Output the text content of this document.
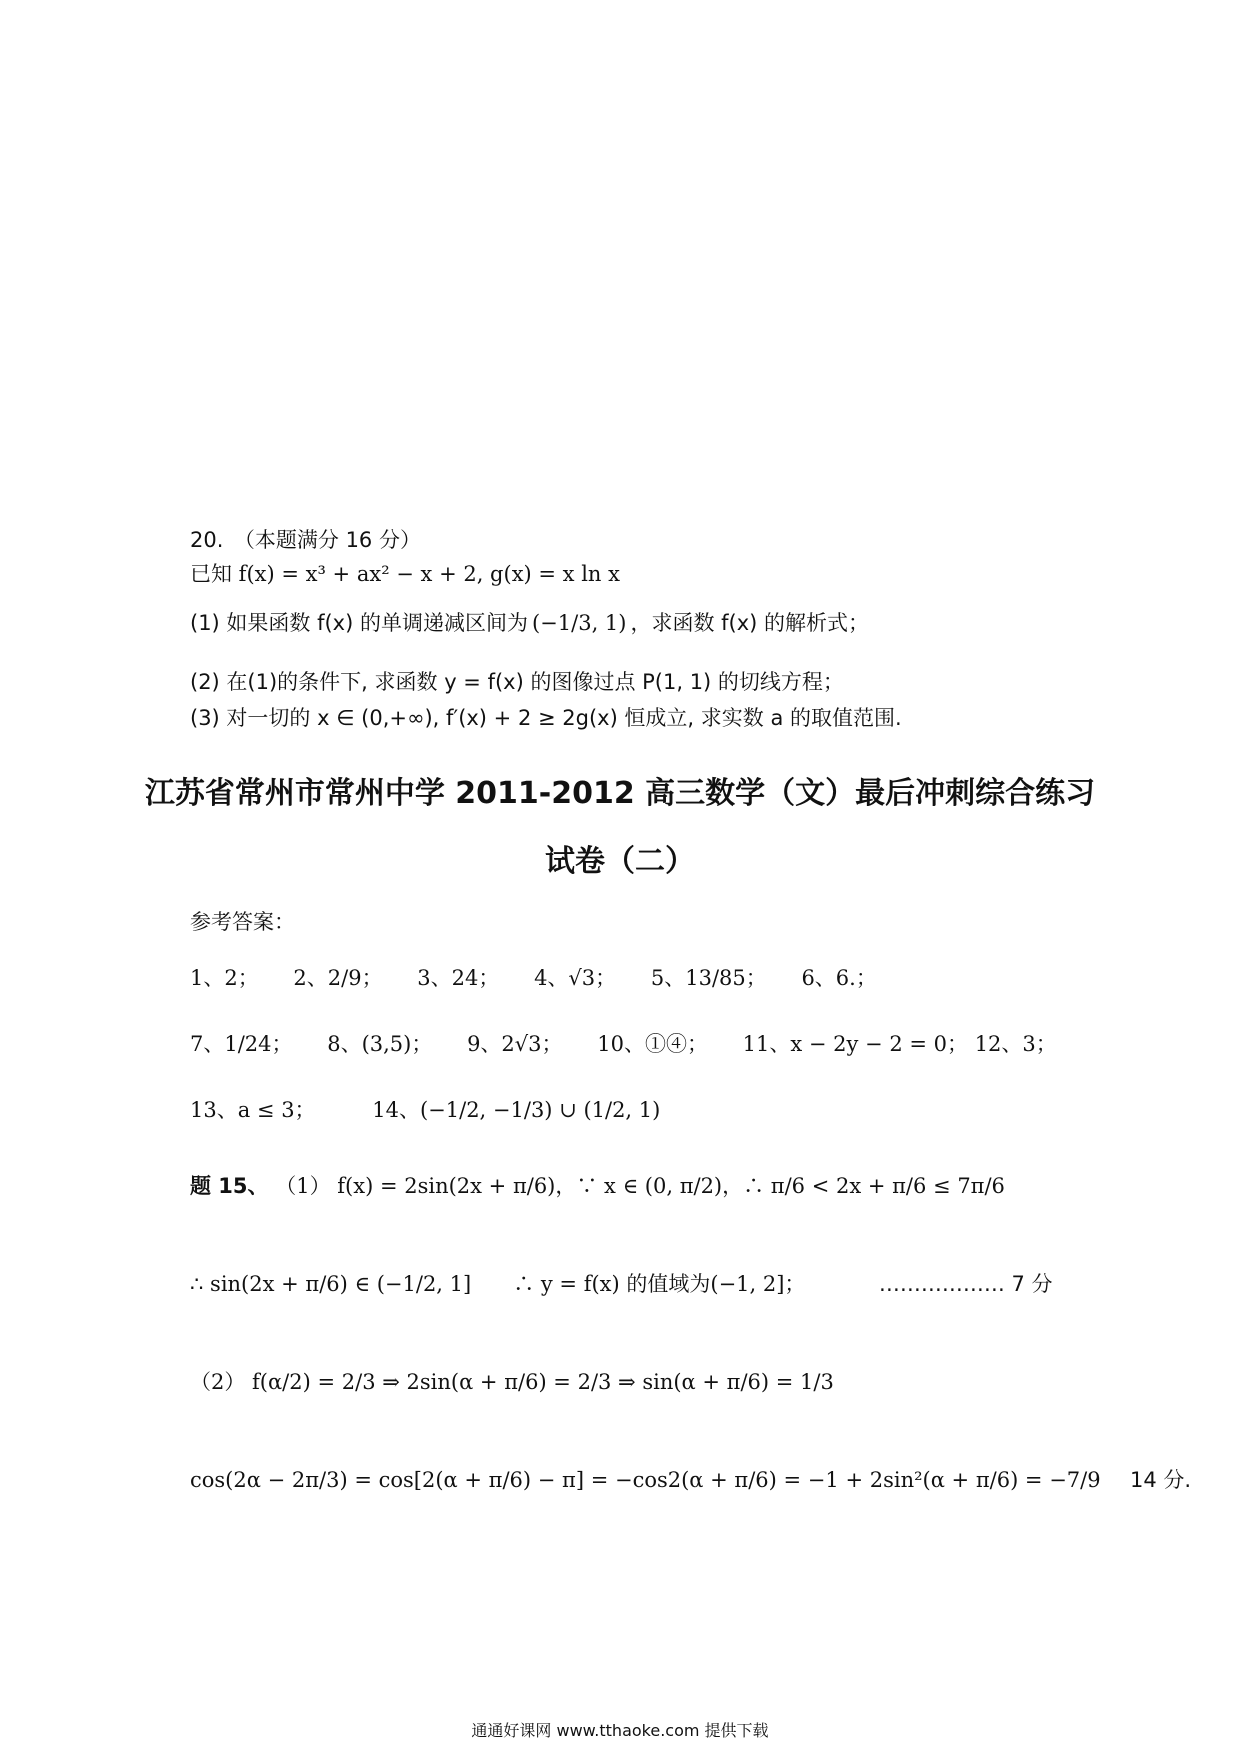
20.　（本题满分 16 分）
已知 f(x) = x³ + ax² − x + 2, g(x) = x ln x
(1) 如果函数 f(x) 的单调递减区间为 (−1/3, 1) ，求函数 f(x) 的解析式；
(2) 在(1)的条件下, 求函数 y = f(x) 的图像过点 P(1, 1) 的切线方程；
(3) 对一切的 x ∈ (0,+∞), f′(x) + 2 ≥ 2g(x) 恒成立, 求实数 a 的取值范围.
江苏省常州市常州中学 2011-2012 高三数学（文）最后冲刺综合练习
试卷（二）
参考答案：
1、2； 2、2/9； 3、24； 4、√3； 5、13/85； 6、6.；
7、1/24； 8、(3,5)； 9、2√3； 10、①④； 11、x − 2y − 2 = 0； 12、3；
13、a ≤ 3；	14、(−1/2, −1/3) ∪ (1/2, 1)
题 15、 （1） f(x) = 2sin(2x + π/6)，∵ x ∈ (0, π/2)，∴ π/6 < 2x + π/6 ≤ 7π/6
∴ sin(2x + π/6) ∈ (−1/2, 1]　　∴ y = f(x) 的值域为(−1, 2]；	……………… 7 分
（2） f(α/2) = 2/3 ⇒ 2sin(α + π/6) = 2/3 ⇒ sin(α + π/6) = 1/3
cos(2α − 2π/3) = cos[2(α + π/6) − π] = −cos2(α + π/6) = −1 + 2sin²(α + π/6) = −7/9 14 分.
通通好课网 www.tthaoke.com 提供下载
